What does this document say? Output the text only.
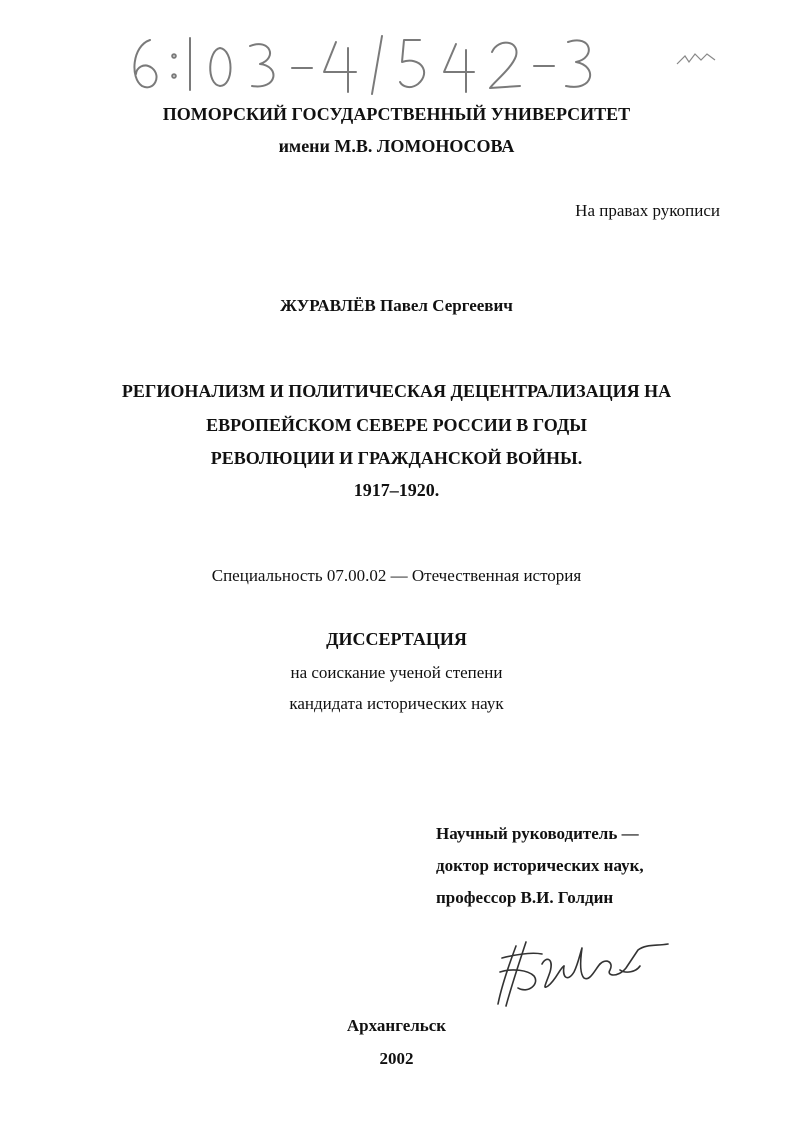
ПОМОРСКИЙ ГОСУДАРСТВЕННЫЙ УНИВЕРСИТЕТ
имени М.В. ЛОМОНОСОВА
На правах рукописи
ЖУРАВЛЁВ Павел Сергеевич
РЕГИОНАЛИЗМ И ПОЛИТИЧЕСКАЯ ДЕЦЕНТРАЛИЗАЦИЯ НА
ЕВРОПЕЙСКОМ СЕВЕРЕ РОССИИ В ГОДЫ
РЕВОЛЮЦИИ И ГРАЖДАНСКОЙ ВОЙНЫ.
1917–1920.
Специальность 07.00.02 — Отечественная история
ДИССЕРТАЦИЯ
на соискание ученой степени
кандидата исторических наук
Научный руководитель —
доктор исторических наук,
профессор В.И. Голдин
Архангельск
2002
